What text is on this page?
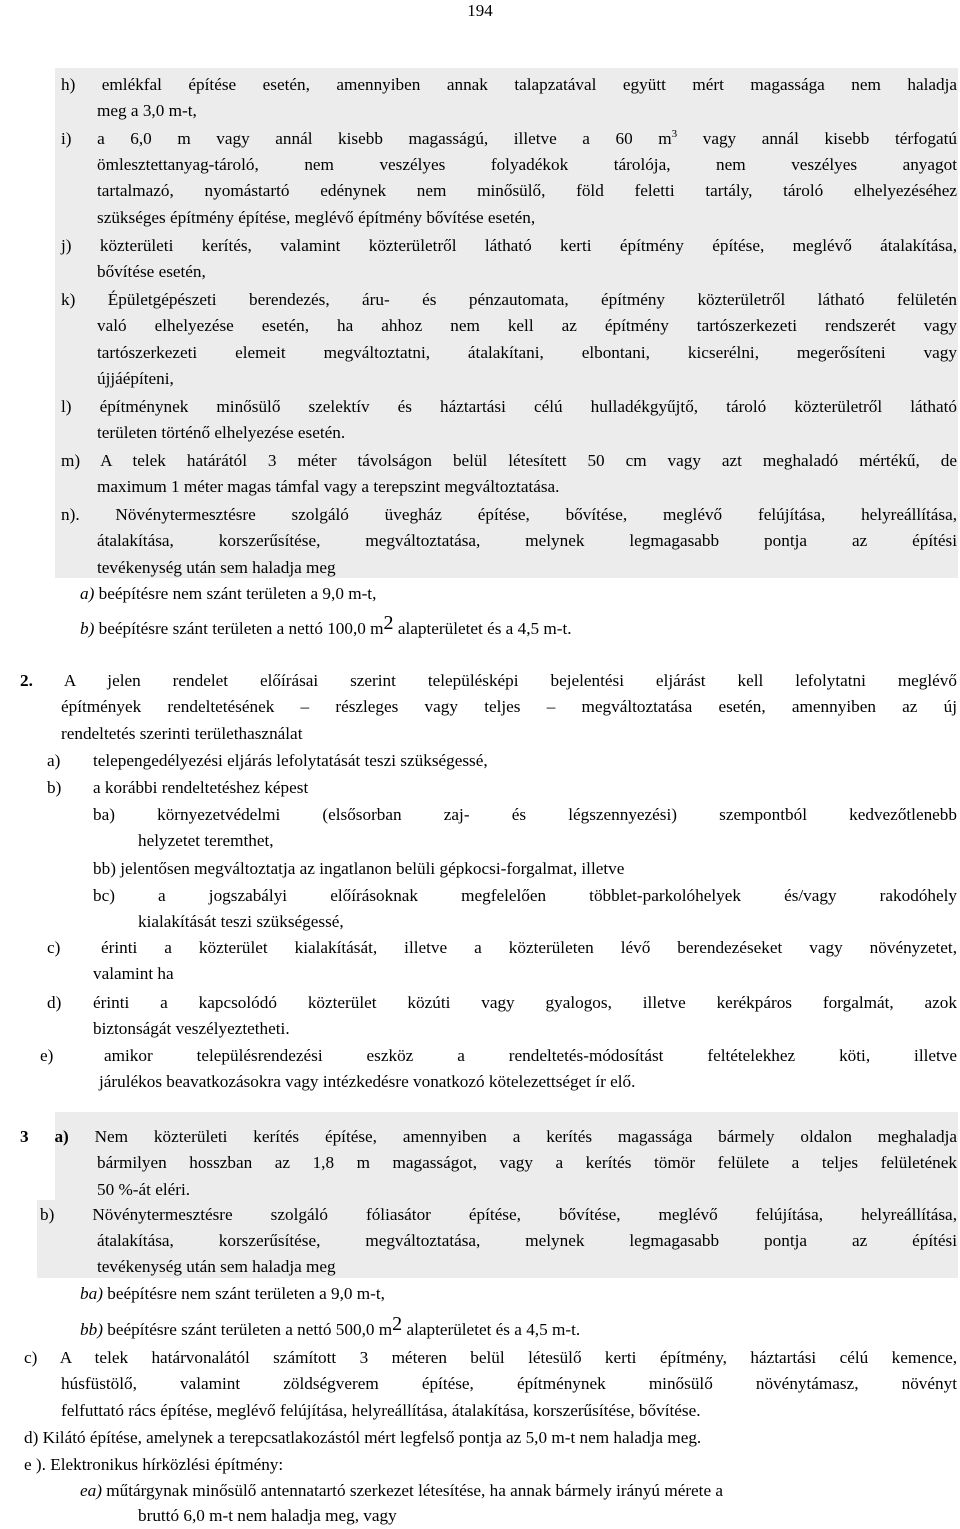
194
h) emlékfal építése esetén, amennyiben annak talapzatával együtt mért magassága nem haladja
meg a 3,0 m-t,
i) a 6,0 m vagy annál kisebb magasságú, illetve a 60 $m^3$ vagy annál kisebb térfogatú
ömlesztettanyag-tároló, nem veszélyes folyadékok tárolója, nem veszélyes anyagot
tartalmazó, nyomástartó edénynek nem minősülő, föld feletti tartály, tároló elhelyezéséhez
szükséges építmény építése, meglévő építmény bővítése esetén,
j) közterületi kerítés, valamint közterületről látható kerti építmény építése, meglévő átalakítása,
bővítése esetén,
k) Épületgépészeti berendezés, áru- és pénzautomata, építmény közterületről látható felületén
való elhelyezése esetén, ha ahhoz nem kell az építmény tartószerkezeti rendszerét vagy
tartószerkezeti elemeit megváltoztatni, átalakítani, elbontani, kicserélni, megerősíteni vagy
újjáépíteni,
l) építménynek minősülő szelektív és háztartási célú hulladékgyűjtő, tároló közterületről látható
területen történő elhelyezése esetén.
m) A telek határától 3 méter távolságon belül létesített 50 cm vagy azt meghaladó mértékű, de
maximum 1 méter magas támfal vagy a terepszint megváltoztatása.
n). Növénytermesztésre szolgáló üvegház építése, bővítése, meglévő felújítása, helyreállítása,
átalakítása, korszerűsítése, megváltoztatása, melynek legmagasabb pontja az építési
tevékenység után sem haladja meg
a) beépítésre nem szánt területen a 9,0 m-t,
b) beépítésre szánt területen a nettó 100,0 m2 alapterületet és a 4,5 m-t.
2. A jelen rendelet előírásai szerint településképi bejelentési eljárást kell lefolytatni meglévő
építmények rendeltetésének – részleges vagy teljes – megváltoztatása esetén, amennyiben az új
rendeltetés szerinti területhasználat
a) telepengedélyezési eljárás lefolytatását teszi szükségessé,
b) a korábbi rendeltetéshez képest
ba) környezetvédelmi (elsősorban zaj- és légszennyezési) szempontból kedvezőtlenebb
helyzetet teremthet,
bb) jelentősen megváltoztatja az ingatlanon belüli gépkocsi-forgalmat, illetve
bc) a jogszabályi előírásoknak megfelelően többlet-parkolóhelyek és/vagy rakodóhely
kialakítását teszi szükségessé,
c) érinti a közterület kialakítását, illetve a közterületen lévő berendezéseket vagy növényzetet,
valamint ha
d) érinti a kapcsolódó közterület közúti vagy gyalogos, illetve kerékpáros forgalmát, azok
biztonságát veszélyeztetheti.
e)	amikor településrendezési eszköz a rendeltetés-módosítást feltételekhez köti, illetve
járulékos beavatkozásokra vagy intézkedésre vonatkozó kötelezettséget ír elő.
3 a) Nem közterületi kerítés építése, amennyiben a kerítés magassága bármely oldalon meghaladja
bármilyen hosszban az 1,8 m magasságot, vagy a kerítés tömör felülete a teljes felületének
50 %-át eléri.
b) Növénytermesztésre szolgáló fóliasátor építése, bővítése, meglévő felújítása, helyreállítása,
átalakítása, korszerűsítése, megváltoztatása, melynek legmagasabb pontja az építési
tevékenység után sem haladja meg
ba) beépítésre nem szánt területen a 9,0 m-t,
bb) beépítésre szánt területen a nettó 500,0 m2 alapterületet és a 4,5 m-t.
c) A telek határvonalától számított 3 méteren belül létesülő kerti építmény, háztartási célú kemence,
húsfüstölő, valamint zöldségverem építése, építménynek minősülő növénytámasz, növényt
felfuttató rács építése, meglévő felújítása, helyreállítása, átalakítása, korszerűsítése, bővítése.
d) Kilátó építése, amelynek a terepcsatlakozástól mért legfelső pontja az 5,0 m-t nem haladja meg.
e ). Elektronikus hírközlési építmény:
ea) műtárgynak minősülő antennatartó szerkezet létesítése, ha annak bármely irányú mérete a
bruttó 6,0 m-t nem haladja meg, vagy
